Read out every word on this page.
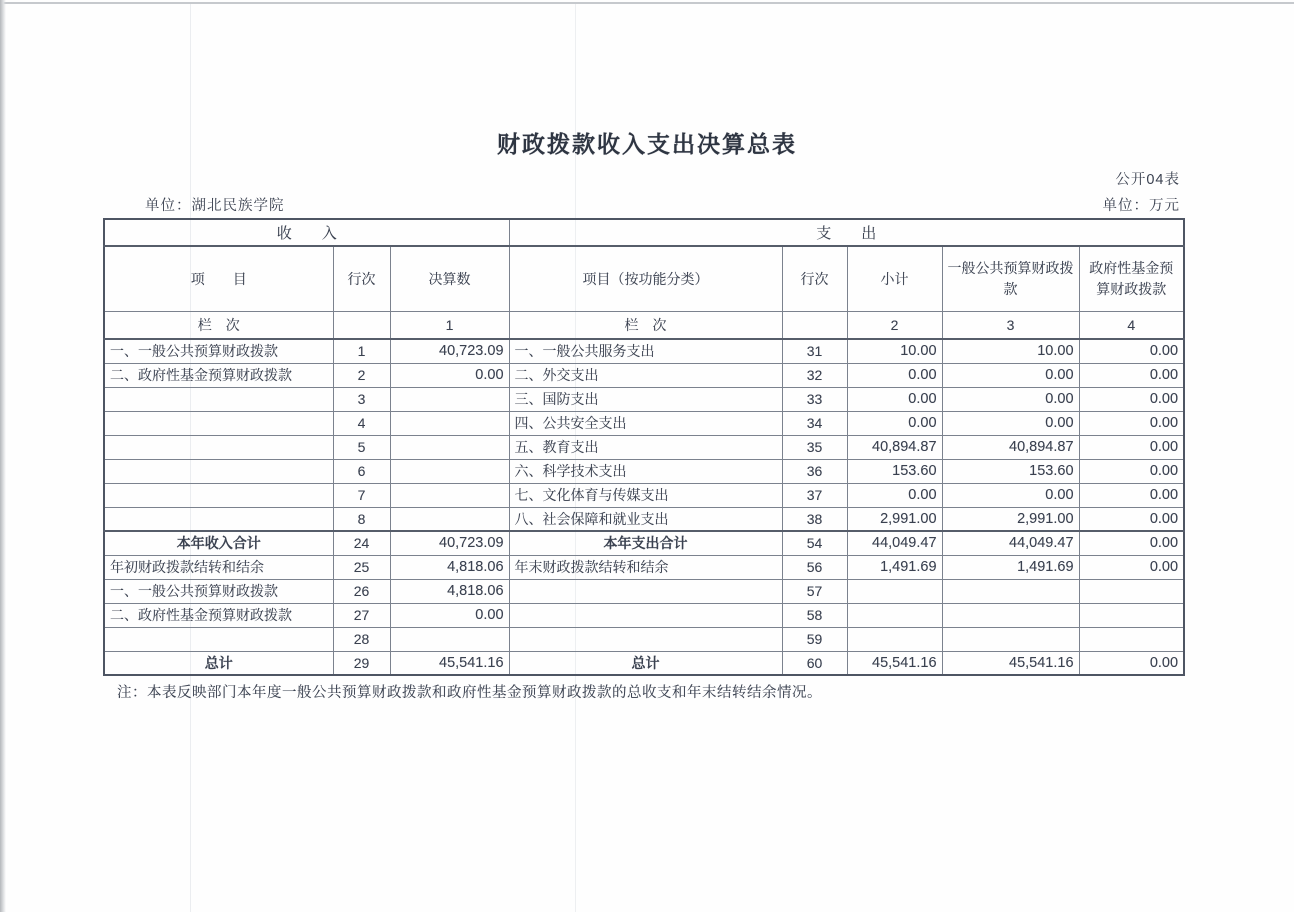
财政拨款收入支出决算总表
公开04表
单位：湖北民族学院	单位：万元
收　　入			支　　出				
项　　目	行次	决算数	项目（按功能分类）	行次	小计	一般公共预算财政拨款	政府性基金预算财政拨款
栏　次		1	栏　次		2	3	4
一、一般公共预算财政拨款	1	40,723.09	一、一般公共服务支出	31	10.00	10.00	0.00
二、政府性基金预算财政拨款	2	0.00	二、外交支出	32	0.00	0.00	0.00
	3		三、国防支出	33	0.00	0.00	0.00
	4		四、公共安全支出	34	0.00	0.00	0.00
	5		五、教育支出	35	40,894.87	40,894.87	0.00
	6		六、科学技术支出	36	153.60	153.60	0.00
	7		七、文化体育与传媒支出	37	0.00	0.00	0.00
	8		八、社会保障和就业支出	38	2,991.00	2,991.00	0.00
本年收入合计	24	40,723.09	本年支出合计	54	44,049.47	44,049.47	0.00
年初财政拨款结转和结余	25	4,818.06	年末财政拨款结转和结余	56	1,491.69	1,491.69	0.00
一、一般公共预算财政拨款	26	4,818.06		57			
二、政府性基金预算财政拨款	27	0.00		58			
	28			59			
总计	29	45,541.16	总计	60	45,541.16	45,541.16	0.00
注：本表反映部门本年度一般公共预算财政拨款和政府性基金预算财政拨款的总收支和年末结转结余情况。
